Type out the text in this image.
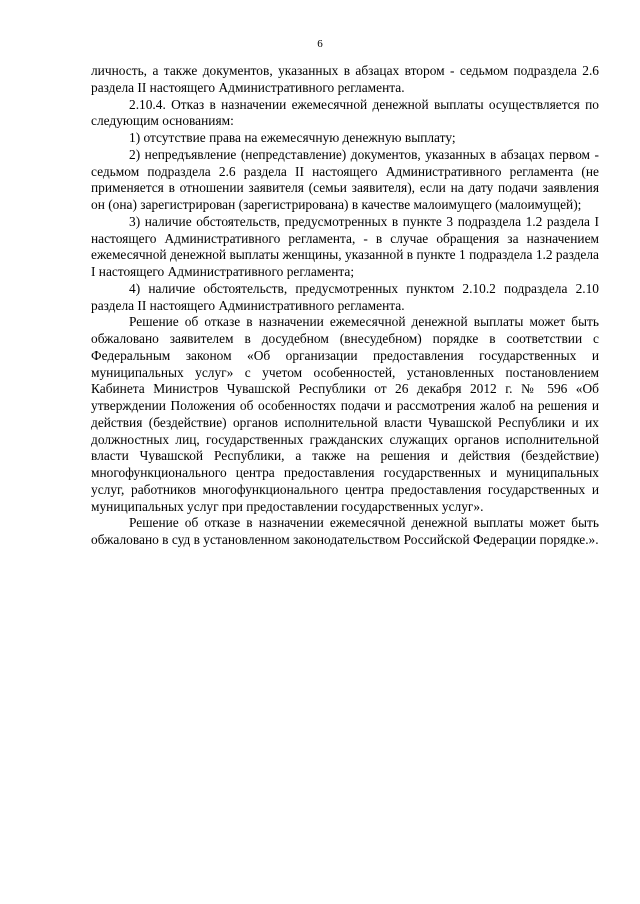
6

личность, а также документов, указанных в абзацах втором - седьмом подраздела 2.6 раздела II настоящего Административного регламента.

2.10.4. Отказ в назначении ежемесячной денежной выплаты осуществляется по следующим основаниям:

1) отсутствие права на ежемесячную денежную выплату;

2) непредъявление (непредставление) документов, указанных в абзацах первом - седьмом подраздела 2.6 раздела II настоящего Административного регламента (не применяется в отношении заявителя (семьи заявителя), если на дату подачи заявления он (она) зарегистрирован (зарегистрирована) в качестве малоимущего (малоимущей);

3) наличие обстоятельств, предусмотренных в пункте 3 подраздела 1.2 раздела I настоящего Административного регламента, - в случае обращения за назначением ежемесячной денежной выплаты женщины, указанной в пункте 1 подраздела 1.2 раздела I настоящего Административного регламента;

4) наличие обстоятельств, предусмотренных пунктом 2.10.2 подраздела 2.10 раздела II настоящего Административного регламента.

Решение об отказе в назначении ежемесячной денежной выплаты может быть обжаловано заявителем в досудебном (внесудебном) порядке в соответствии с Федеральным законом «Об организации предоставления государственных и муниципальных услуг» с учетом особенностей, установленных постановлением Кабинета Министров Чувашской Республики от 26 декабря 2012 г. № 596 «Об утверждении Положения об особенностях подачи и рассмотрения жалоб на решения и действия (бездействие) органов исполнительной власти Чувашской Республики и их должностных лиц, государственных гражданских служащих органов исполнительной власти Чувашской Республики, а также на решения и действия (бездействие) многофункционального центра предоставления государственных и муниципальных услуг, работников многофункционального центра предоставления государственных и муниципальных услуг при предоставлении государственных услуг».

Решение об отказе в назначении ежемесячной денежной выплаты может быть обжаловано в суд в установленном законодательством Российской Федерации порядке.».
